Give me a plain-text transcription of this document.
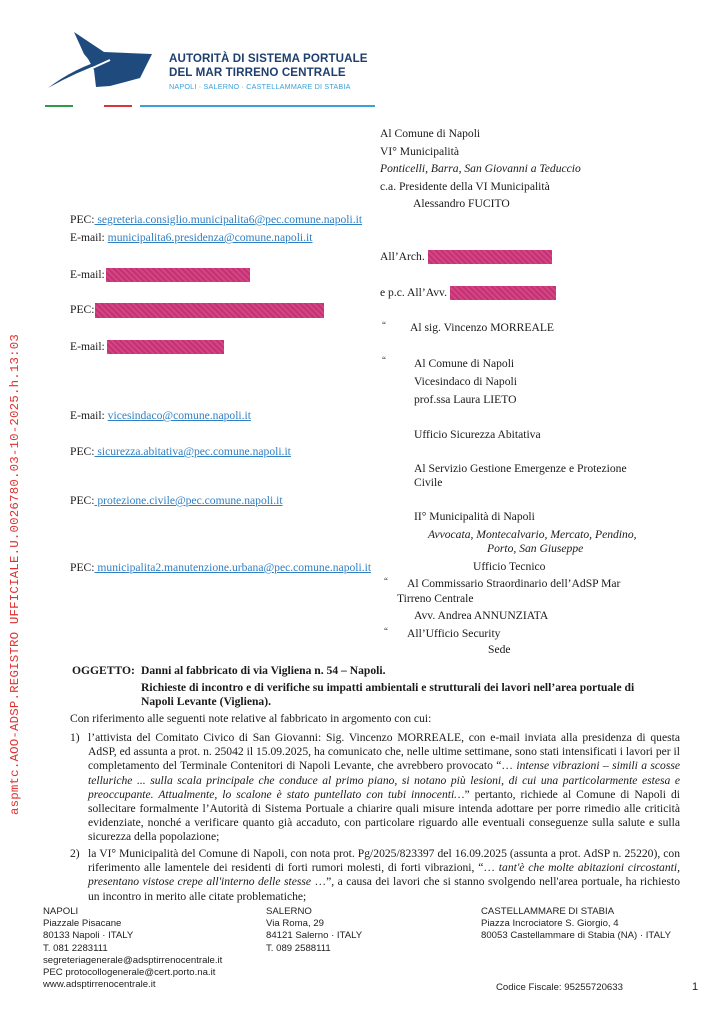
AUTORITÀ DI SISTEMA PORTUALE
DEL MAR TIRRENO CENTRALE
NAPOLI · SALERNO · CASTELLAMMARE DI STABIA
aspmtc.AOO-ADSP.REGISTRO UFFICIALE.U.0026780.03-10-2025.h.13:03
Al Comune di Napoli
VI° Municipalità
Ponticelli, Barra, San Giovanni a Teduccio
c.a. Presidente della VI Municipalità
Alessandro FUCITO
All’Arch.
e p.c. All’Avv.
“ Al sig. Vincenzo MORREALE
“ Al Comune di Napoli
Vicesindaco di Napoli
prof.ssa Laura LIETO
Ufficio Sicurezza Abitativa
Al Servizio Gestione Emergenze e Protezione
Civile
II° Municipalità di Napoli
Avvocata, Montecalvario, Mercato, Pendino,
Porto, San Giuseppe
Ufficio Tecnico
“ Al Commissario Straordinario dell’AdSP Mar
Tirreno Centrale
Avv. Andrea ANNUNZIATA
“ All’Ufficio Security
Sede
PEC: segreteria.consiglio.municipalita6@pec.comune.napoli.it
E-mail: municipalita6.presidenza@comune.napoli.it
E-mail:
PEC:
E-mail:
E-mail: vicesindaco@comune.napoli.it
PEC: sicurezza.abitativa@pec.comune.napoli.it
PEC: protezione.civile@pec.comune.napoli.it
PEC: municipalita2.manutenzione.urbana@pec.comune.napoli.it
OGGETTO: Danni al fabbricato di via Vigliena n. 54 – Napoli.
Richieste di incontro e di verifiche su impatti ambientali e strutturali dei lavori nell’area portuale di
Napoli Levante (Vigliena).
Con riferimento alle seguenti note relative al fabbricato in argomento con cui:
1) l’attivista del Comitato Civico di San Giovanni: Sig. Vincenzo MORREALE, con e-mail inviata alla presidenza di questa AdSP, ed assunta a prot. n. 25042 il 15.09.2025, ha comunicato che, nelle ultime settimane, sono stati intensificati i lavori per il completamento del Terminale Contenitori di Napoli Levante, che avrebbero provocato “… intense vibrazioni – simili a scosse telluriche ... sulla scala principale che conduce al primo piano, si notano più lesioni, di cui una particolarmente estesa e preoccupante. Attualmente, lo scalone è stato puntellato con tubi innocenti…” pertanto, richiede al Comune di Napoli di sollecitare formalmente l’Autorità di Sistema Portuale a chiarire quali misure intenda adottare per porre rimedio alle criticità evidenziate, nonché a verificare quanto già accaduto, con particolare riguardo alle eventuali conseguenze sulla salute e sulla sicurezza della popolazione;
2) la VI° Municipalità del Comune di Napoli, con nota prot. Pg/2025/823397 del 16.09.2025 (assunta a prot. AdSP n. 25220), con riferimento alle lamentele dei residenti di forti rumori molesti, di forti vibrazioni, “… tant'è che molte abitazioni circostanti, presentano vistose crepe all'interno delle stesse …”, a causa dei lavori che si stanno svolgendo nell'area portuale, ha richiesto un incontro in merito alle citate problematiche;
NAPOLI
Piazzale Pisacane
80133 Napoli · ITALY
T. 081 2283111
segreteriagenerale@adsptirrenocentrale.it
PEC protocollogenerale@cert.porto.na.it
www.adsptirrenocentrale.it
SALERNO
Via Roma, 29
84121 Salerno · ITALY
T. 089 2588111
CASTELLAMMARE DI STABIA
Piazza Incrociatore S. Giorgio, 4
80053 Castellammare di Stabia (NA) · ITALY
Codice Fiscale: 95255720633	1
